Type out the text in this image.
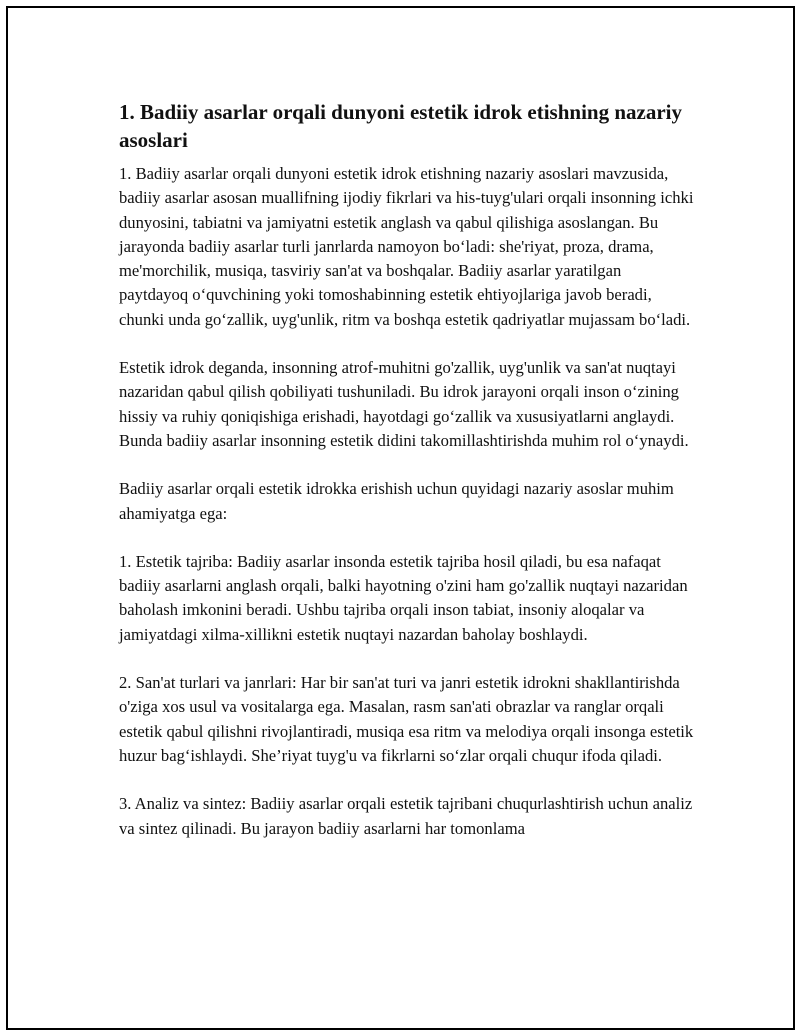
1. Badiiy asarlar orqali dunyoni estetik idrok etishning nazariy asoslari

1. Badiiy asarlar orqali dunyoni estetik idrok etishning nazariy asoslari mavzusida, badiiy asarlar asosan muallifning ijodiy fikrlari va his-tuyg'ulari orqali insonning ichki dunyosini, tabiatni va jamiyatni estetik anglash va qabul qilishiga asoslangan. Bu jarayonda badiiy asarlar turli janrlarda namoyon bo‘ladi: she'riyat, proza, drama, me'morchilik, musiqa, tasviriy san'at va boshqalar. Badiiy asarlar yaratilgan paytdayoq o‘quvchining yoki tomoshabinning estetik ehtiyojlariga javob beradi, chunki unda go‘zallik, uyg'unlik, ritm va boshqa estetik qadriyatlar mujassam bo‘ladi.

Estetik idrok deganda, insonning atrof-muhitni go'zallik, uyg'unlik va san'at nuqtayi nazaridan qabul qilish qobiliyati tushuniladi. Bu idrok jarayoni orqali inson o‘zining hissiy va ruhiy qoniqishiga erishadi, hayotdagi go‘zallik va xususiyatlarni anglaydi. Bunda badiiy asarlar insonning estetik didini takomillashtirishda muhim rol o‘ynaydi.

Badiiy asarlar orqali estetik idrokka erishish uchun quyidagi nazariy asoslar muhim ahamiyatga ega:

1. Estetik tajriba: Badiiy asarlar insonda estetik tajriba hosil qiladi, bu esa nafaqat badiiy asarlarni anglash orqali, balki hayotning o'zini ham go'zallik nuqtayi nazaridan baholash imkonini beradi. Ushbu tajriba orqali inson tabiat, insoniy aloqalar va jamiyatdagi xilma-xillikni estetik nuqtayi nazardan baholay boshlaydi.

2. San'at turlari va janrlari: Har bir san'at turi va janri estetik idrokni shakllantirishda o'ziga xos usul va vositalarga ega. Masalan, rasm san'ati obrazlar va ranglar orqali estetik qabul qilishni rivojlantiradi, musiqa esa ritm va melodiya orqali insonga estetik huzur bag‘ishlaydi. She’riyat tuyg'u va fikrlarni so‘zlar orqali chuqur ifoda qiladi.

3. Analiz va sintez: Badiiy asarlar orqali estetik tajribani chuqurlashtirish uchun analiz va sintez qilinadi. Bu jarayon badiiy asarlarni har tomonlama
